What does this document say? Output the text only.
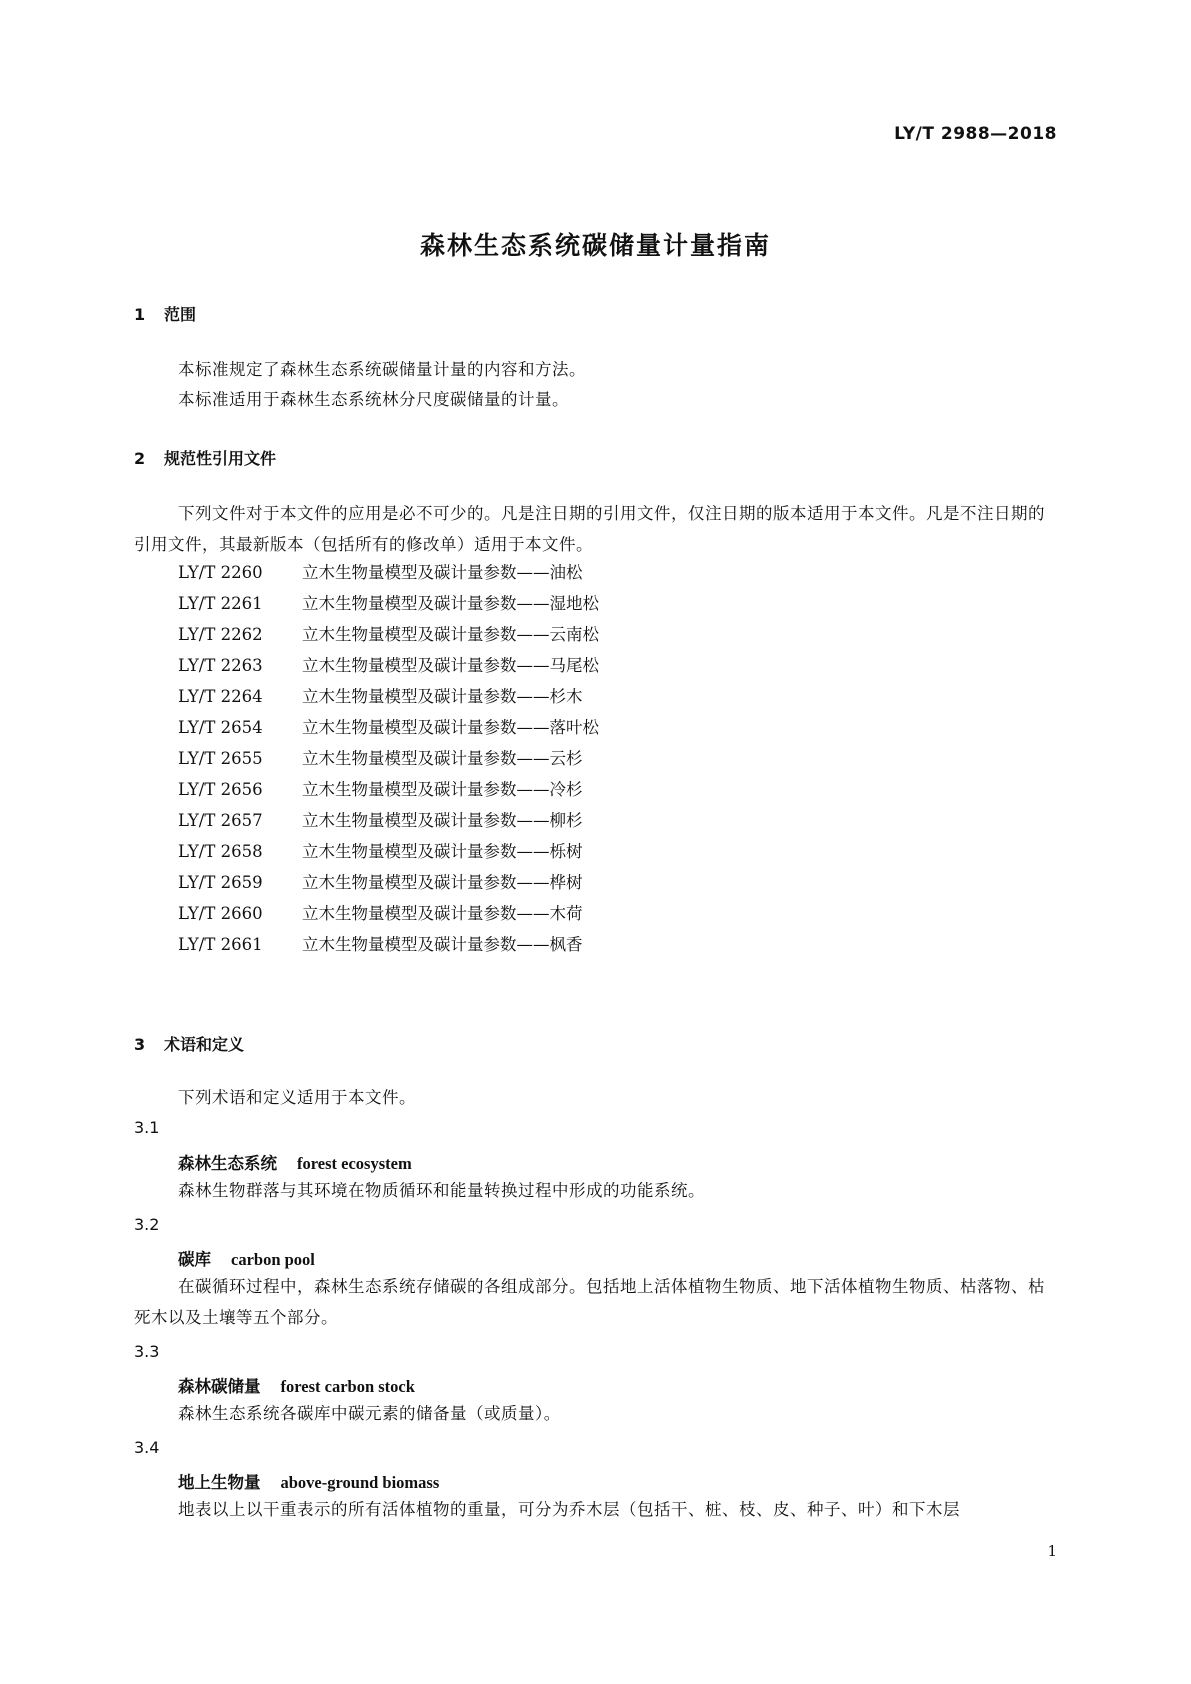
LY/T 2988—2018
森林生态系统碳储量计量指南
1 范围

本标准规定了森林生态系统碳储量计量的内容和方法。

本标准适用于森林生态系统林分尺度碳储量的计量。

2 规范性引用文件

下列文件对于本文件的应用是必不可少的。凡是注日期的引用文件，仅注日期的版本适用于本文件。凡是不注日期的引用文件，其最新版本（包括所有的修改单）适用于本文件。

LY/T 2260 立木生物量模型及碳计量参数——油松
LY/T 2261 立木生物量模型及碳计量参数——湿地松
LY/T 2262 立木生物量模型及碳计量参数——云南松
LY/T 2263 立木生物量模型及碳计量参数——马尾松
LY/T 2264 立木生物量模型及碳计量参数——杉木
LY/T 2654 立木生物量模型及碳计量参数——落叶松
LY/T 2655 立木生物量模型及碳计量参数——云杉
LY/T 2656 立木生物量模型及碳计量参数——冷杉
LY/T 2657 立木生物量模型及碳计量参数——柳杉
LY/T 2658 立木生物量模型及碳计量参数——栎树
LY/T 2659 立木生物量模型及碳计量参数——桦树
LY/T 2660 立木生物量模型及碳计量参数——木荷
LY/T 2661 立木生物量模型及碳计量参数——枫香
3 术语和定义

下列术语和定义适用于本文件。

3.1
森林生态系统 forest ecosystem

森林生物群落与其环境在物质循环和能量转换过程中形成的功能系统。

3.2
碳库 carbon pool

在碳循环过程中，森林生态系统存储碳的各组成部分。包括地上活体植物生物质、地下活体植物生物质、枯落物、枯死木以及土壤等五个部分。

3.3
森林碳储量 forest carbon stock

森林生态系统各碳库中碳元素的储备量（或质量）。

3.4
地上生物量 above-ground biomass

地表以上以干重表示的所有活体植物的重量，可分为乔木层（包括干、桩、枝、皮、种子、叶）和下木层

1
